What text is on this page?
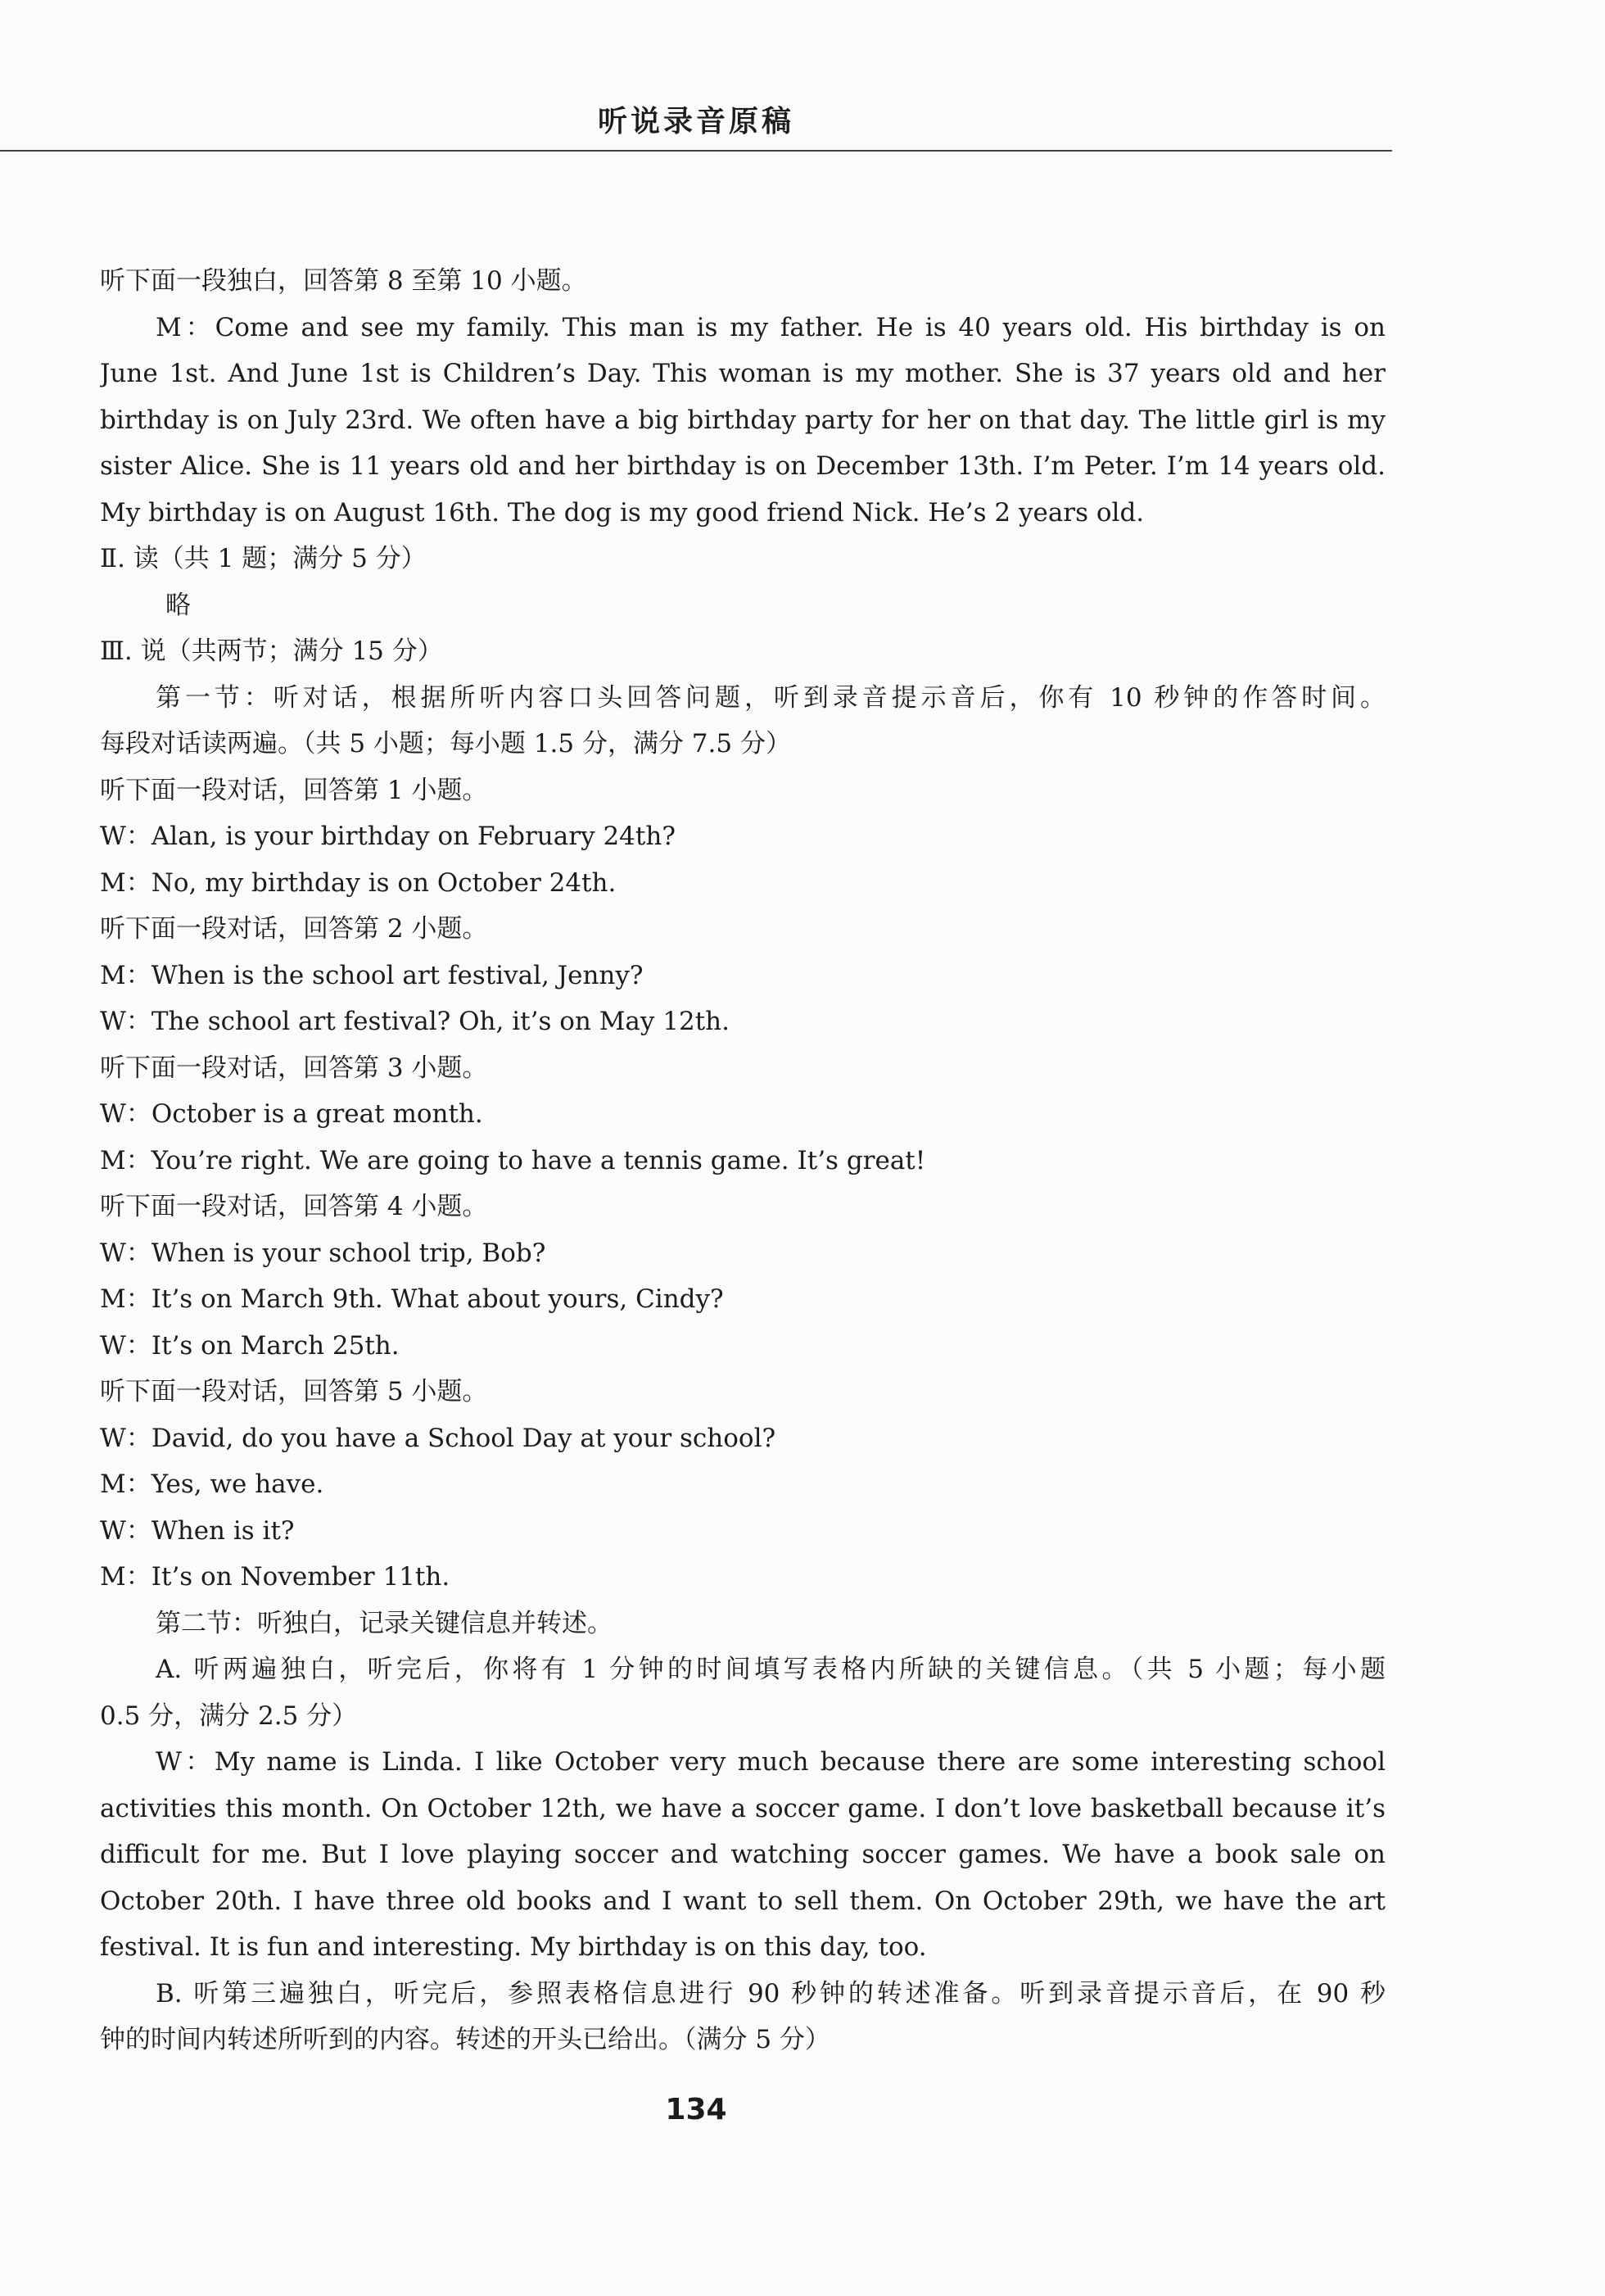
听说录音原稿
听下面一段独白，回答第 8 至第 10 小题。
M：Come and see my family. This man is my father. He is 40 years old. His birthday is on
June 1st. And June 1st is Children’s Day. This woman is my mother. She is 37 years old and her
birthday is on July 23rd. We often have a big birthday party for her on that day. The little girl is my
sister Alice. She is 11 years old and her birthday is on December 13th. I’m Peter. I’m 14 years old.
My birthday is on August 16th. The dog is my good friend Nick. He’s 2 years old.
Ⅱ. 读（共 1 题；满分 5 分）
略
Ⅲ. 说（共两节；满分 15 分）
第一节：听对话，根据所听内容口头回答问题，听到录音提示音后，你有 10 秒钟的作答时间。
每段对话读两遍。（共 5 小题；每小题 1.5 分，满分 7.5 分）
听下面一段对话，回答第 1 小题。
W：Alan, is your birthday on February 24th?
M：No, my birthday is on October 24th.
听下面一段对话，回答第 2 小题。
M：When is the school art festival, Jenny?
W：The school art festival? Oh, it’s on May 12th.
听下面一段对话，回答第 3 小题。
W：October is a great month.
M：You’re right. We are going to have a tennis game. It’s great!
听下面一段对话，回答第 4 小题。
W：When is your school trip, Bob?
M：It’s on March 9th. What about yours, Cindy?
W：It’s on March 25th.
听下面一段对话，回答第 5 小题。
W：David, do you have a School Day at your school?
M：Yes, we have.
W：When is it?
M：It’s on November 11th.
第二节：听独白，记录关键信息并转述。
A. 听两遍独白，听完后，你将有 1 分钟的时间填写表格内所缺的关键信息。（共 5 小题；每小题
0.5 分，满分 2.5 分）
W：My name is Linda. I like October very much because there are some interesting school
activities this month. On October 12th, we have a soccer game. I don’t love basketball because it’s
difficult for me. But I love playing soccer and watching soccer games. We have a book sale on
October 20th. I have three old books and I want to sell them. On October 29th, we have the art
festival. It is fun and interesting. My birthday is on this day, too.
B. 听第三遍独白，听完后，参照表格信息进行 90 秒钟的转述准备。听到录音提示音后，在 90 秒
钟的时间内转述所听到的内容。转述的开头已给出。（满分 5 分）
134
